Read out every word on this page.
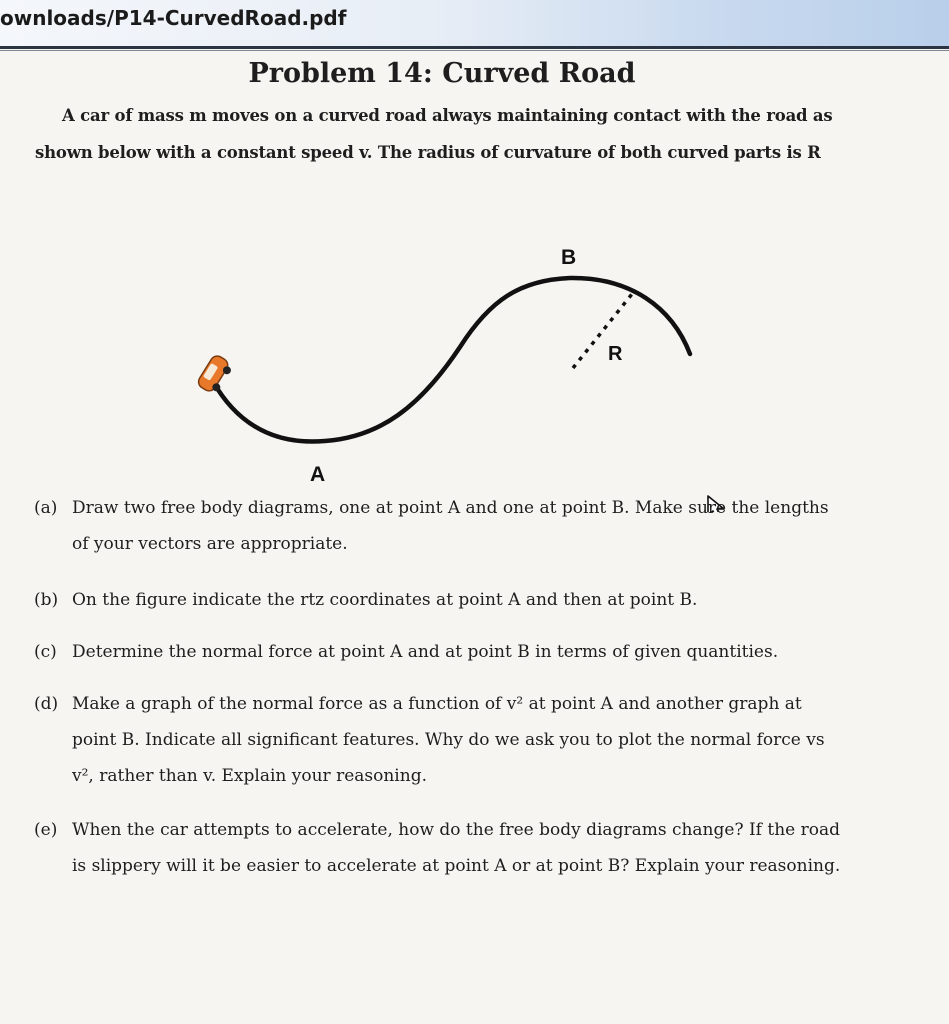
ownloads/P14-CurvedRoad.pdf
Problem 14: Curved Road
A car of mass m moves on a curved road always maintaining contact with the road as
shown below with a constant speed v. The radius of curvature of both curved parts is R
B
R
A
(a) Draw two free body diagrams, one at point A and one at point B. Make sure the lengths of your vectors are appropriate.
(b) On the figure indicate the rtz coordinates at point A and then at point B.
(c) Determine the normal force at point A and at point B in terms of given quantities.
(d) Make a graph of the normal force as a function of v² at point A and another graph at point B. Indicate all significant features. Why do we ask you to plot the normal force vs v², rather than v. Explain your reasoning.
(e) When the car attempts to accelerate, how do the free body diagrams change? If the road is slippery will it be easier to accelerate at point A or at point B? Explain your reasoning.
